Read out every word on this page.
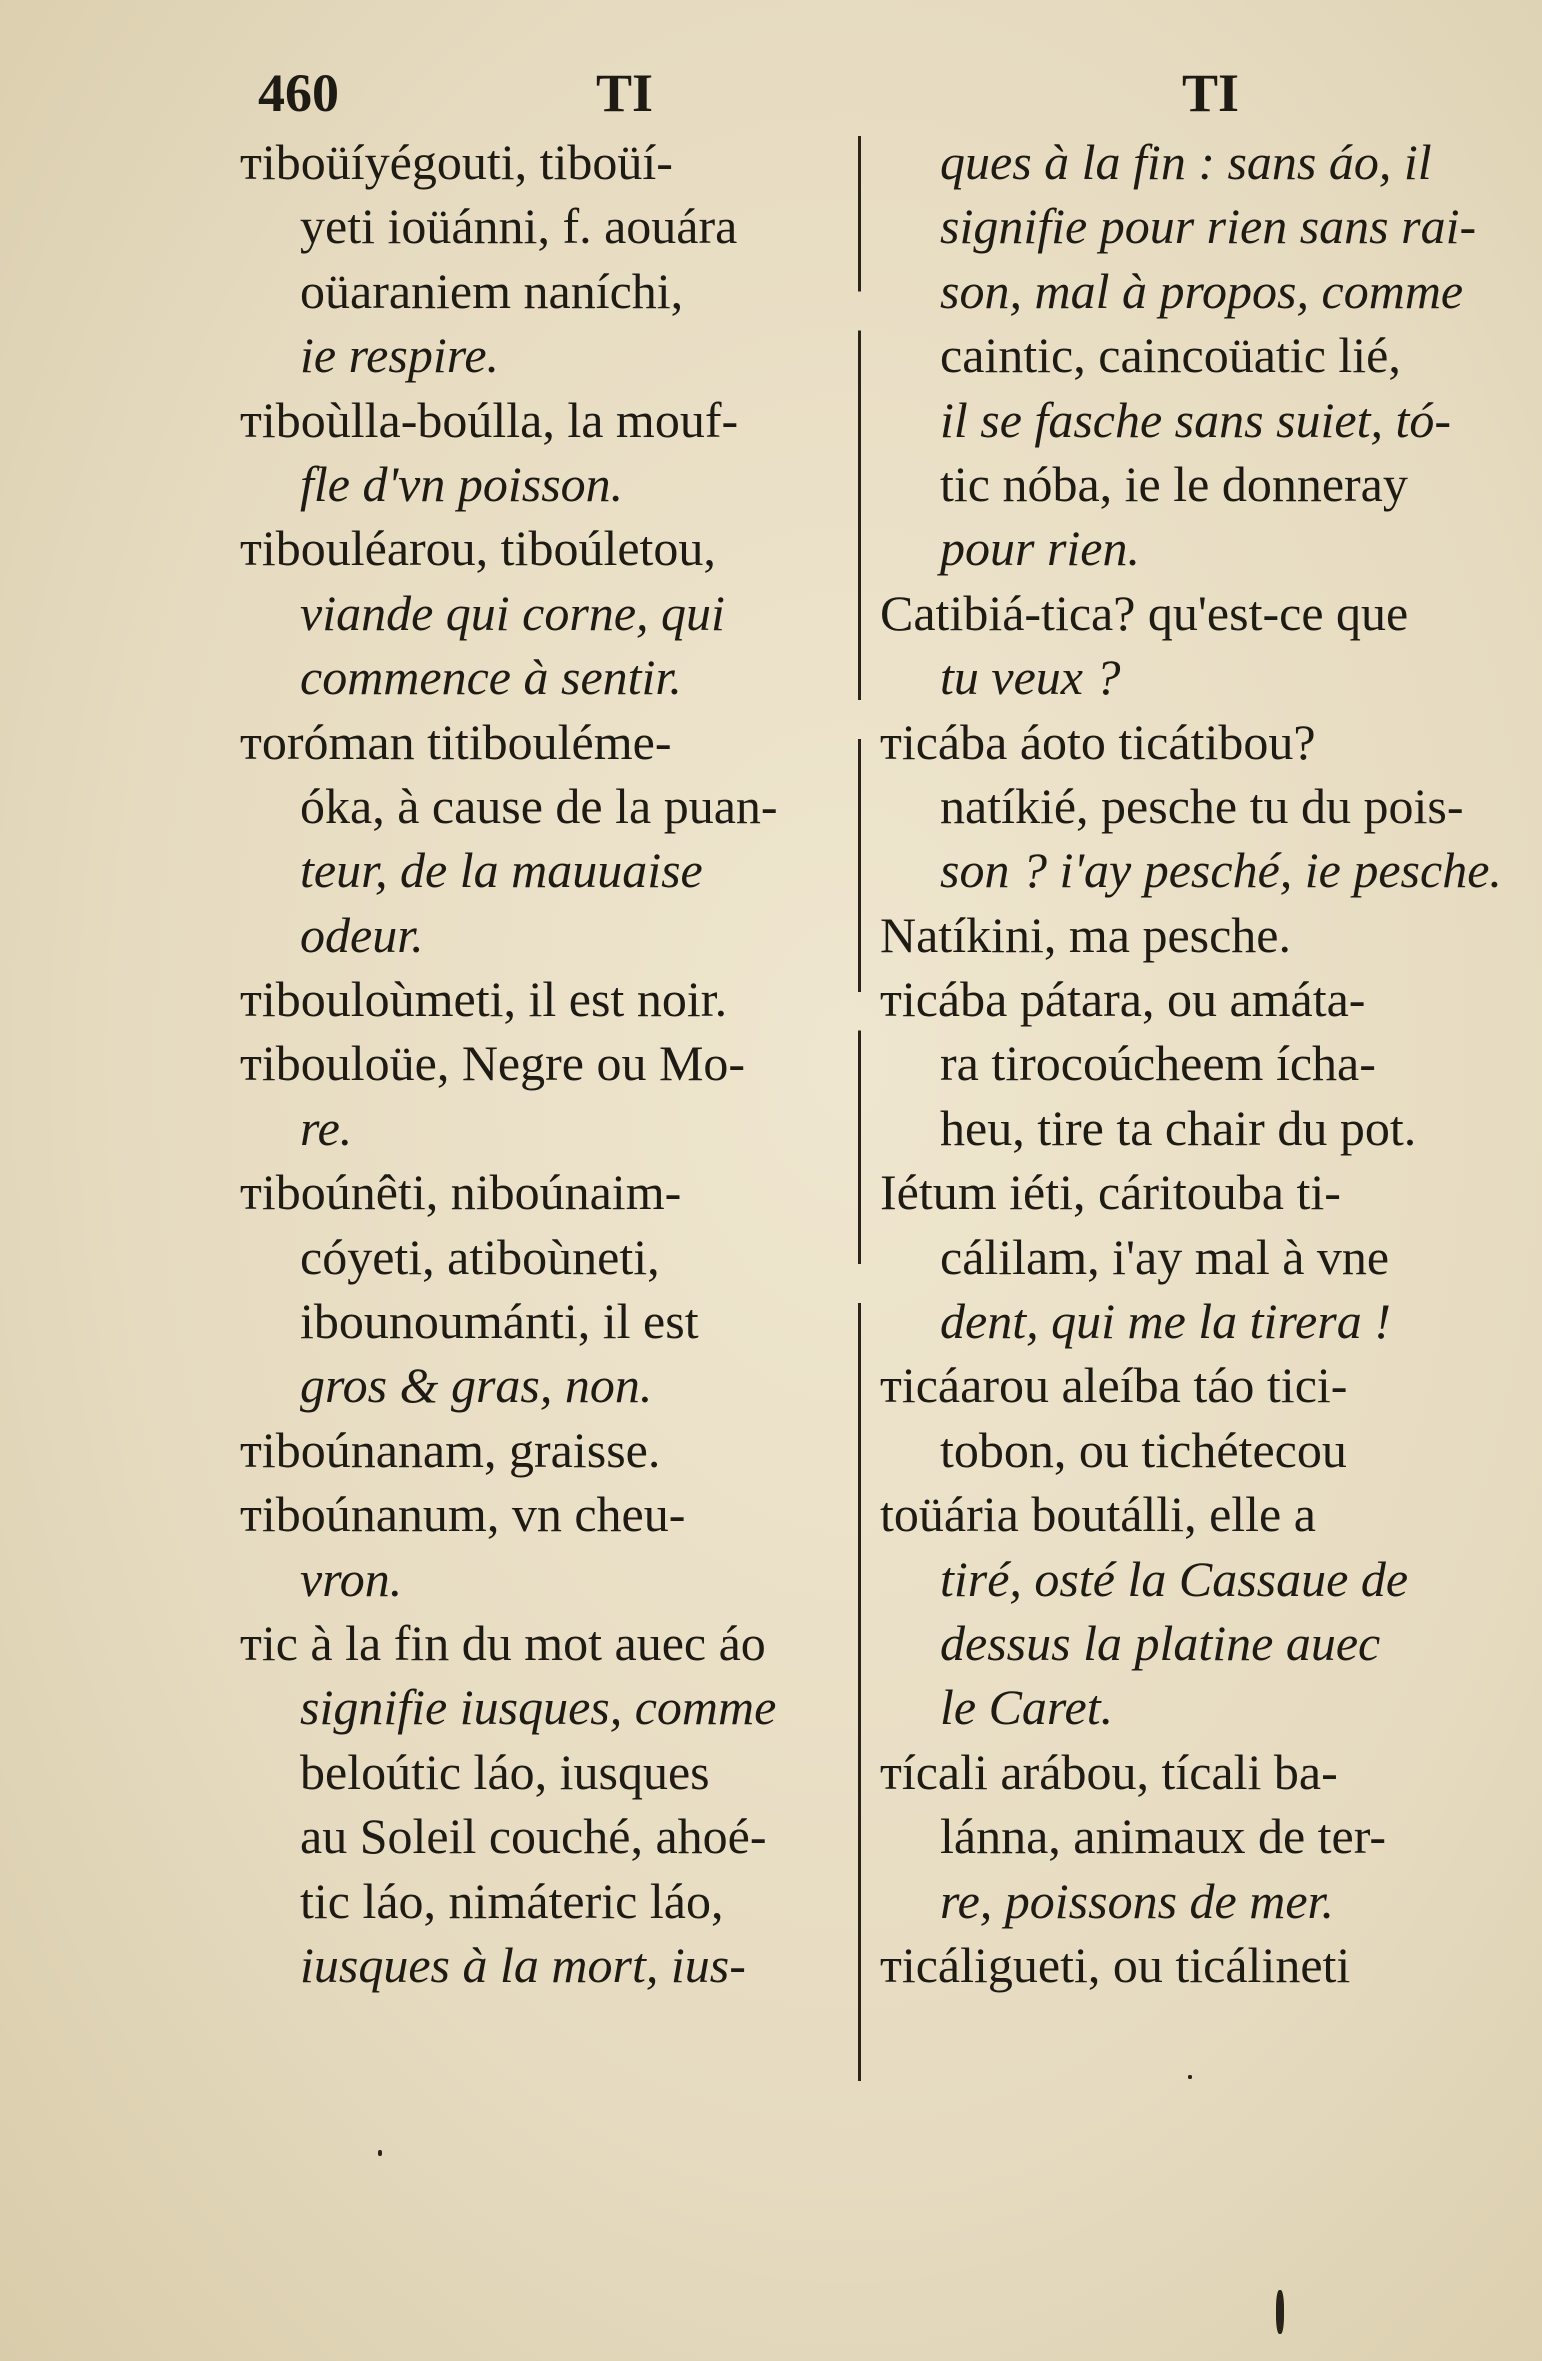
460	TI	TI
ᴛiboüíyégouti, tiboüí-
yeti ioüánni, f. aouára
oüaraniem naníchi,
ie respire.
ᴛiboùlla-boúlla, la mouf-
fle d'vn poisson.
ᴛibouléarou, tiboúletou,
viande qui corne, qui
commence à sentir.
ᴛoróman titibouléme-
óka, à cause de la puan-
teur, de la mauuaise
odeur.
ᴛibouloùmeti, il est noir.
ᴛibouloüe, Negre ou Mo-
re.
ᴛiboúnêti, niboúnaim-
cóyeti, atiboùneti,
ibounoumánti, il est
gros & gras, non.
ᴛiboúnanam, graisse.
ᴛiboúnanum, vn cheu-
vron.
ᴛic à la fin du mot auec áo
signifie iusques, comme
beloútic láo, iusques
au Soleil couché, ahoé-
tic láo, nimáteric láo,
iusques à la mort, ius-
ques à la fin : sans áo, il
signifie pour rien sans rai-
son, mal à propos, comme
caintic, caincoüatic lié,
il se fasche sans suiet, tó-
tic nóba, ie le donneray
pour rien.
Catibiá-tica? qu'est-ce que
tu veux ?
ᴛicába áoto ticátibou?
natíkié, pesche tu du pois-
son ? i'ay pesché, ie pesche.
Natíkini, ma pesche.
ᴛicába pátara, ou amáta-
ra tirocoúcheem ícha-
heu, tire ta chair du pot.
Iétum iéti, cáritouba ti-
cálilam, i'ay mal à vne
dent, qui me la tirera !
ᴛicáarou aleíba táo tici-
tobon, ou tichétecou
toüária boutálli, elle a
tiré, osté la Cassaue de
dessus la platine auec
le Caret.
ᴛícali arábou, tícali ba-
lánna, animaux de ter-
re, poissons de mer.
ᴛicáligueti, ou ticálineti
